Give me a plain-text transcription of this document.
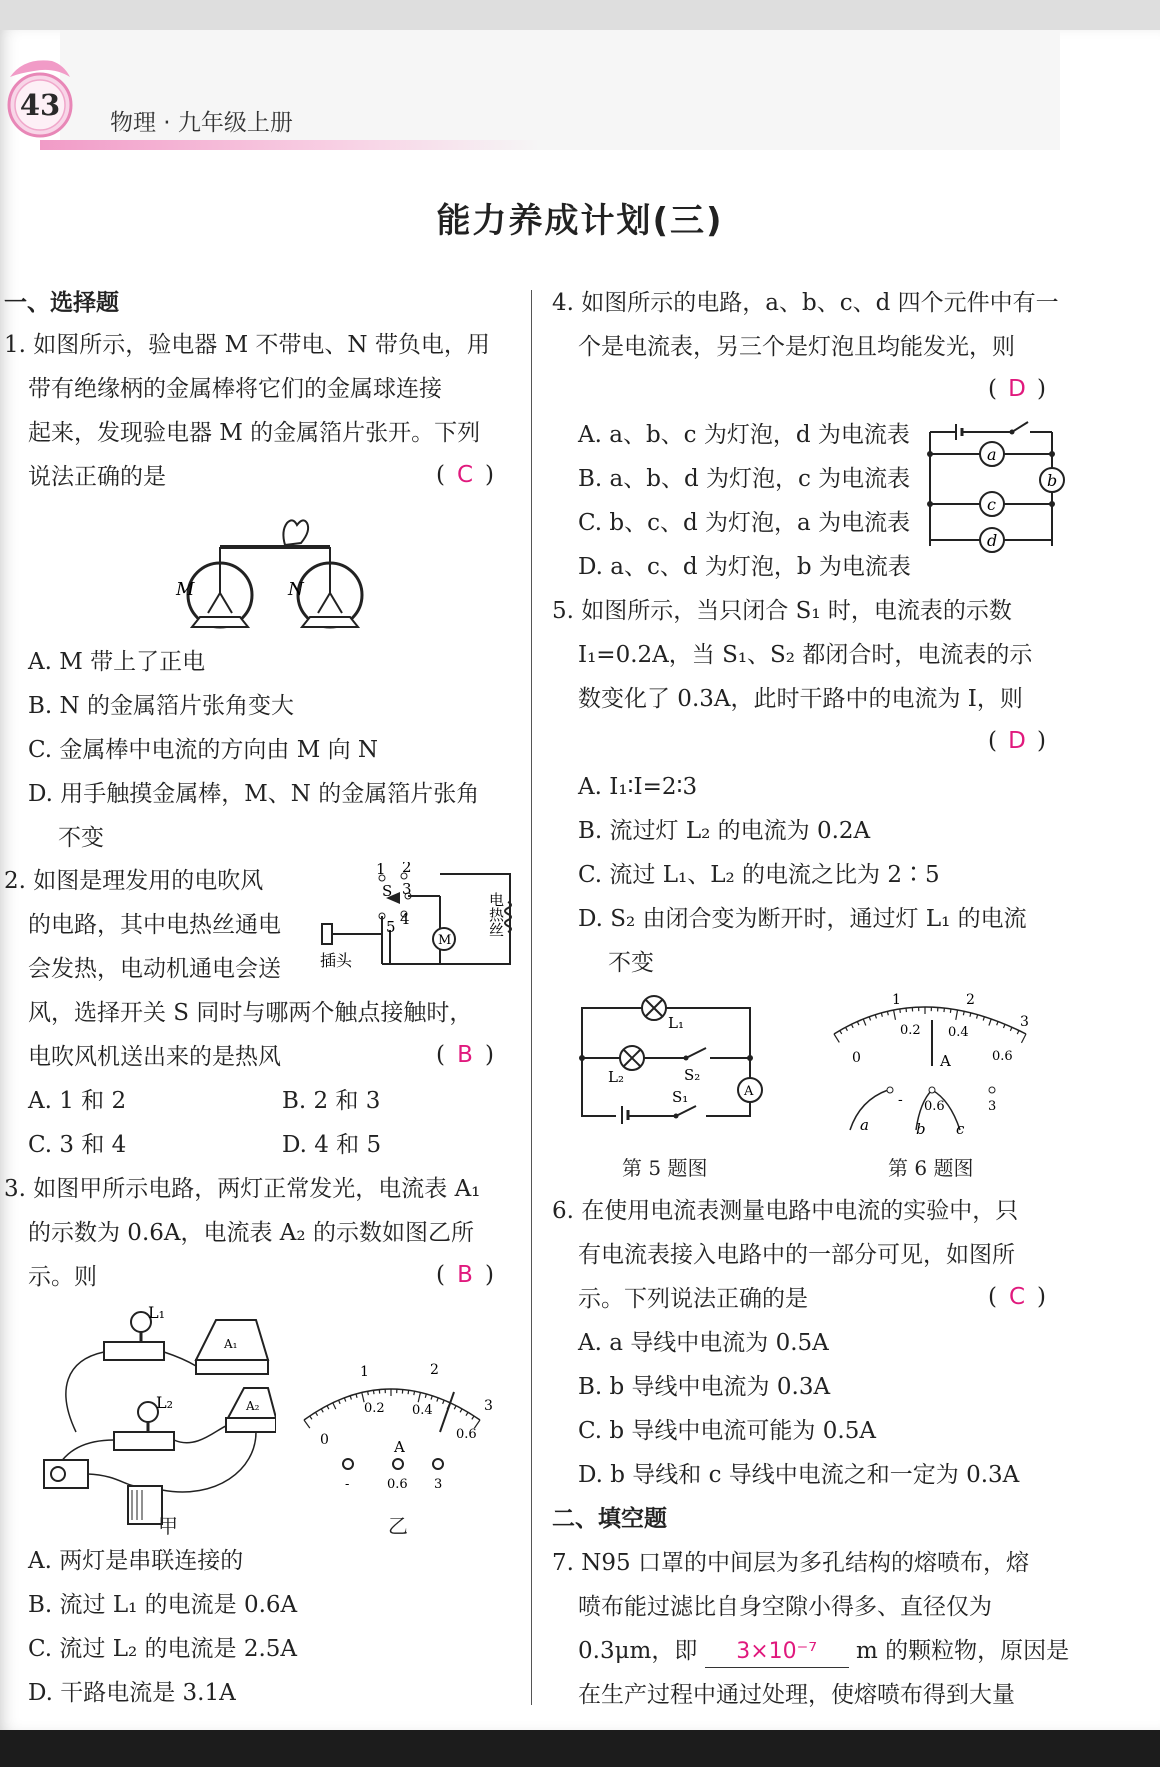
43
物理 · 九年级上册
能力养成计划(三)
一、选择题
1. 如图所示，验电器 M 不带电、N 带负电，用
带有绝缘柄的金属棒将它们的金属球连接
起来，发现验电器 M 的金属箔片张开。下列
说法正确的是	( C )
M	N
A. M 带上了正电
B. N 的金属箔片张角变大
C. 金属棒中电流的方向由 M 向 N
D. 用手触摸金属棒，M、N 的金属箔片张角
不变
2. 如图是理发用的电吹风
的电路，其中电热丝通电
会发热，电动机通电会送
风，选择开关 S 同时与哪两个触点接触时，
电吹风机送出来的是热风	( B )
1 2
3
4
5
S
M
插头
电热丝
A. 1 和 2	B. 2 和 3
C. 3 和 4	D. 4 和 5
3. 如图甲所示电路，两灯正常发光，电流表 A₁
的示数为 0.6A，电流表 A₂ 的示数如图乙所
示。则	( B )
L₁
L₂
A₁
A₂
甲
1	2
3
0
0.2 0.4
0.6
A
-	0.6 3
乙
A. 两灯是串联连接的
B. 流过 L₁ 的电流是 0.6A
C. 流过 L₂ 的电流是 2.5A
D. 干路电流是 3.1A
4. 如图所示的电路，a、b、c、d 四个元件中有一
个是电流表，另三个是灯泡且均能发光，则
( D )
A. a、b、c 为灯泡，d 为电流表
B. a、b、d 为灯泡，c 为电流表
C. b、c、d 为灯泡，a 为电流表
D. a、c、d 为灯泡，b 为电流表
a
b
c
d
5. 如图所示，当只闭合 S₁ 时，电流表的示数
I₁=0.2A，当 S₁、S₂ 都闭合时，电流表的示
数变化了 0.3A，此时干路中的电流为 I，则
( D )
A. I₁∶I=2∶3
B. 流过灯 L₂ 的电流为 0.2A
C. 流过 L₁、L₂ 的电流之比为 2∶5
D. S₂ 由闭合变为断开时，通过灯 L₁ 的电流
不变
L₁
L₂	S₂
S₁	A
第 5 题图
1	2
3
0
0.2 0.4
0.6
A
- 0.6	3
a	b c
第 6 题图
6. 在使用电流表测量电路中电流的实验中，只
有电流表接入电路中的一部分可见，如图所
示。下列说法正确的是	( C )
A. a 导线中电流为 0.5A
B. b 导线中电流为 0.3A
C. b 导线中电流可能为 0.5A
D. b 导线和 c 导线中电流之和一定为 0.3A
二、填空题
7. N95 口罩的中间层为多孔结构的熔喷布，熔
喷布能过滤比自身空隙小得多、直径仅为
0.3μm，即 3×10⁻⁷ m 的颗粒物，原因是
在生产过程中通过处理，使熔喷布得到大量
